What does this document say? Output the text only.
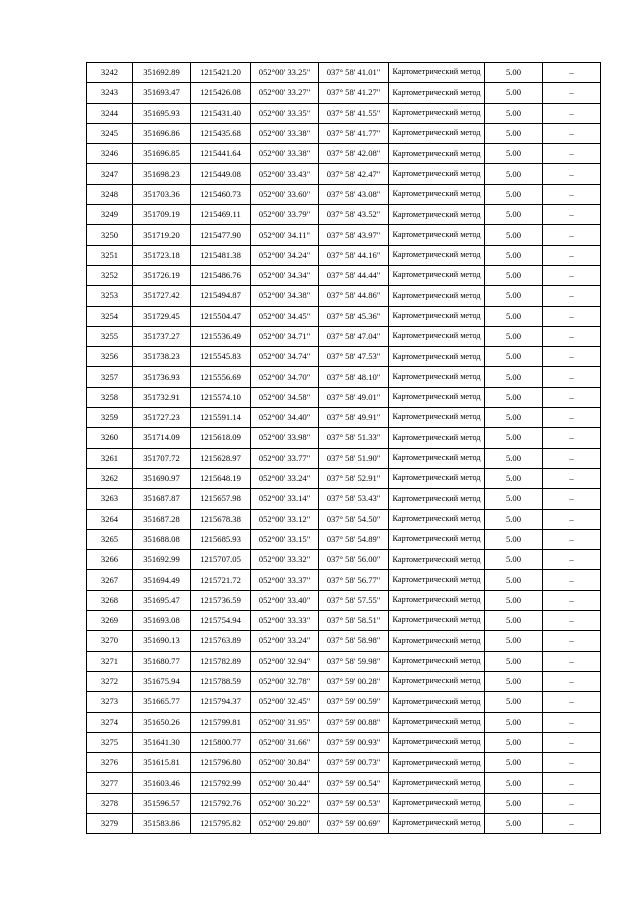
3242	351692.89	1215421.20	052°00' 33.25"	037° 58' 41.01"	Картометрический метод	5.00	–
3243	351693.47	1215426.08	052°00' 33.27"	037° 58' 41.27"	Картометрический метод	5.00	–
3244	351695.93	1215431.40	052°00' 33.35"	037° 58' 41.55"	Картометрический метод	5.00	–
3245	351696.86	1215435.68	052°00' 33.38"	037° 58' 41.77"	Картометрический метод	5.00	–
3246	351696.85	1215441.64	052°00' 33.38"	037° 58' 42.08"	Картометрический метод	5.00	–
3247	351698.23	1215449.08	052°00' 33.43"	037° 58' 42.47"	Картометрический метод	5.00	–
3248	351703.36	1215460.73	052°00' 33.60"	037° 58' 43.08"	Картометрический метод	5.00	–
3249	351709.19	1215469.11	052°00' 33.79"	037° 58' 43.52"	Картометрический метод	5.00	–
3250	351719.20	1215477.90	052°00' 34.11"	037° 58' 43.97"	Картометрический метод	5.00	–
3251	351723.18	1215481.38	052°00' 34.24"	037° 58' 44.16"	Картометрический метод	5.00	–
3252	351726.19	1215486.76	052°00' 34.34"	037° 58' 44.44"	Картометрический метод	5.00	–
3253	351727.42	1215494.87	052°00' 34.38"	037° 58' 44.86"	Картометрический метод	5.00	–
3254	351729.45	1215504.47	052°00' 34.45"	037° 58' 45.36"	Картометрический метод	5.00	–
3255	351737.27	1215536.49	052°00' 34.71"	037° 58' 47.04"	Картометрический метод	5.00	–
3256	351738.23	1215545.83	052°00' 34.74"	037° 58' 47.53"	Картометрический метод	5.00	–
3257	351736.93	1215556.69	052°00' 34.70"	037° 58' 48.10"	Картометрический метод	5.00	–
3258	351732.91	1215574.10	052°00' 34.58"	037° 58' 49.01"	Картометрический метод	5.00	–
3259	351727.23	1215591.14	052°00' 34.40"	037° 58' 49.91"	Картометрический метод	5.00	–
3260	351714.09	1215618.09	052°00' 33.98"	037° 58' 51.33"	Картометрический метод	5.00	–
3261	351707.72	1215628.97	052°00' 33.77"	037° 58' 51.90"	Картометрический метод	5.00	–
3262	351690.97	1215648.19	052°00' 33.24"	037° 58' 52.91"	Картометрический метод	5.00	–
3263	351687.87	1215657.98	052°00' 33.14"	037° 58' 53.43"	Картометрический метод	5.00	–
3264	351687.28	1215678.38	052°00' 33.12"	037° 58' 54.50"	Картометрический метод	5.00	–
3265	351688.08	1215685.93	052°00' 33.15"	037° 58' 54.89"	Картометрический метод	5.00	–
3266	351692.99	1215707.05	052°00' 33.32"	037° 58' 56.00"	Картометрический метод	5.00	–
3267	351694.49	1215721.72	052°00' 33.37"	037° 58' 56.77"	Картометрический метод	5.00	–
3268	351695.47	1215736.59	052°00' 33.40"	037° 58' 57.55"	Картометрический метод	5.00	–
3269	351693.08	1215754.94	052°00' 33.33"	037° 58' 58.51"	Картометрический метод	5.00	–
3270	351690.13	1215763.89	052°00' 33.24"	037° 58' 58.98"	Картометрический метод	5.00	–
3271	351680.77	1215782.89	052°00' 32.94"	037° 58' 59.98"	Картометрический метод	5.00	–
3272	351675.94	1215788.59	052°00' 32.78"	037° 59' 00.28"	Картометрический метод	5.00	–
3273	351665.77	1215794.37	052°00' 32.45"	037° 59' 00.59"	Картометрический метод	5.00	–
3274	351650.26	1215799.81	052°00' 31.95"	037° 59' 00.88"	Картометрический метод	5.00	–
3275	351641.30	1215800.77	052°00' 31.66"	037° 59' 00.93"	Картометрический метод	5.00	–
3276	351615.81	1215796.80	052°00' 30.84"	037° 59' 00.73"	Картометрический метод	5.00	–
3277	351603.46	1215792.99	052°00' 30.44"	037° 59' 00.54"	Картометрический метод	5.00	–
3278	351596.57	1215792.76	052°00' 30.22"	037° 59' 00.53"	Картометрический метод	5.00	–
3279	351583.86	1215795.82	052°00' 29.80"	037° 59' 00.69"	Картометрический метод	5.00	–
